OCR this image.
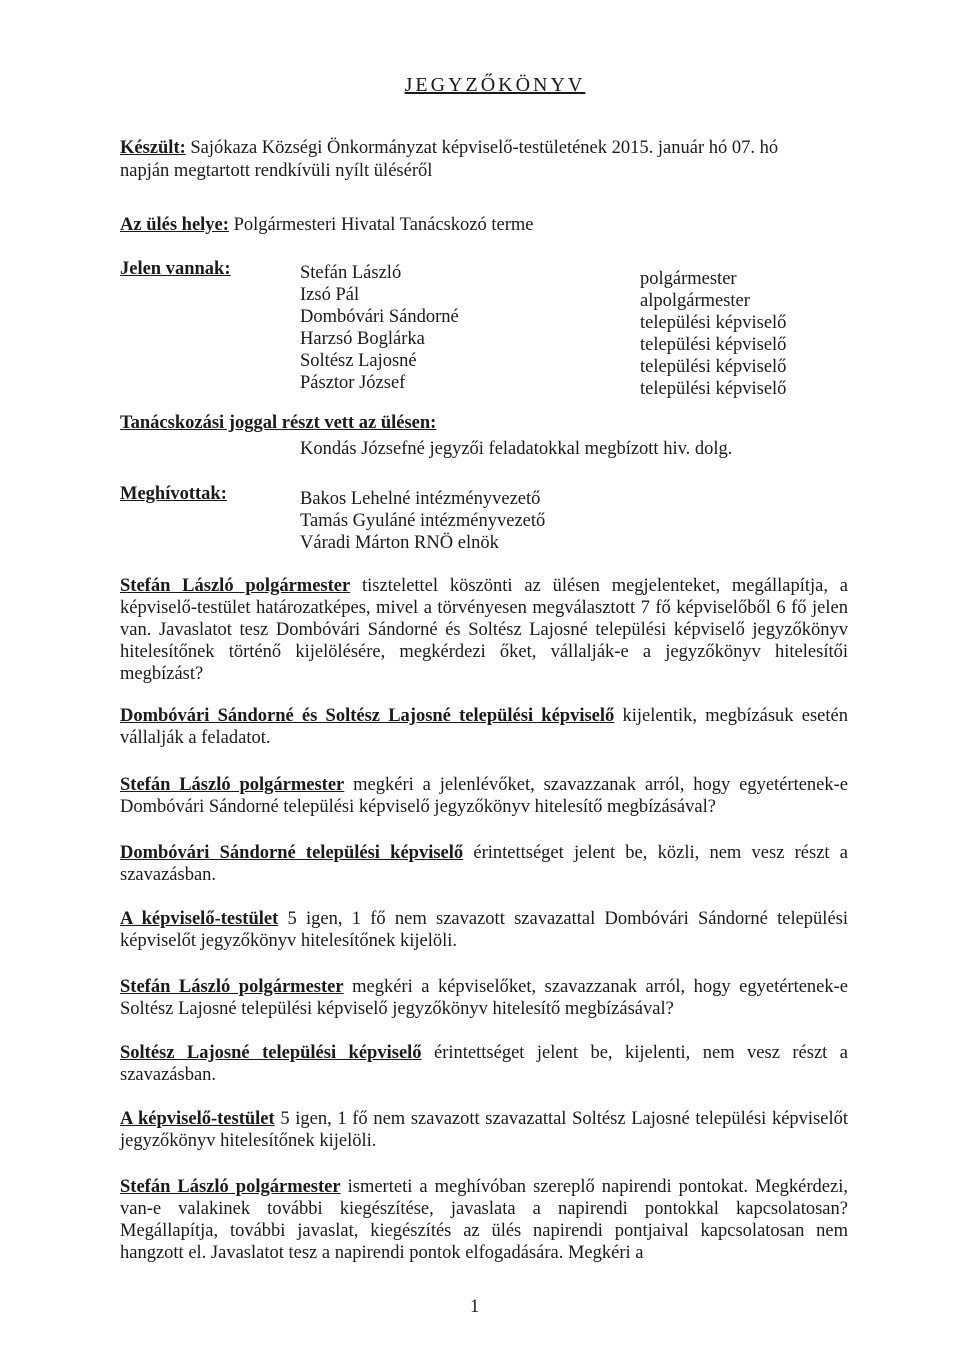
JEGYZŐKÖNYV
Készült: Sajókaza Községi Önkormányzat képviselő-testületének 2015. január hó 07. hó
napján megtartott rendkívüli nyílt üléséről
Az ülés helye: Polgármesteri Hivatal Tanácskozó terme
Jelen vannak:	Stefán László
Izsó Pál
Dombóvári Sándorné
Harzsó Boglárka
Soltész Lajosné
Pásztor József
polgármester
alpolgármester
települési képviselő
települési képviselő
települési képviselő
települési képviselő
Tanácskozási joggal részt vett az ülésen:
Kondás Józsefné jegyzői feladatokkal megbízott hiv. dolg.
Meghívottak:	Bakos Lehelné intézményvezető
Tamás Gyuláné intézményvezető
Váradi Márton RNÖ elnök
Stefán László polgármester tisztelettel köszönti az ülésen megjelenteket, megállapítja, a képviselő-testület határozatképes, mivel a törvényesen megválasztott 7 fő képviselőből 6 fő jelen van. Javaslatot tesz Dombóvári Sándorné és Soltész Lajosné települési képviselő jegyzőkönyv hitelesítőnek történő kijelölésére, megkérdezi őket, vállalják-e a jegyzőkönyv hitelesítői megbízást?
Dombóvári Sándorné és Soltész Lajosné települési képviselő kijelentik, megbízásuk esetén vállalják a feladatot.
Stefán László polgármester megkéri a jelenlévőket, szavazzanak arról, hogy egyetértenek-e Dombóvári Sándorné települési képviselő jegyzőkönyv hitelesítő megbízásával?
Dombóvári Sándorné települési képviselő érintettséget jelent be, közli, nem vesz részt a szavazásban.
A képviselő-testület 5 igen, 1 fő nem szavazott szavazattal Dombóvári Sándorné települési képviselőt jegyzőkönyv hitelesítőnek kijelöli.
Stefán László polgármester megkéri a képviselőket, szavazzanak arról, hogy egyetértenek-e Soltész Lajosné települési képviselő jegyzőkönyv hitelesítő megbízásával?
Soltész Lajosné települési képviselő érintettséget jelent be, kijelenti, nem vesz részt a szavazásban.
A képviselő-testület 5 igen, 1 fő nem szavazott szavazattal Soltész Lajosné települési képviselőt jegyzőkönyv hitelesítőnek kijelöli.
Stefán László polgármester ismerteti a meghívóban szereplő napirendi pontokat. Megkérdezi, van-e valakinek további kiegészítése, javaslata a napirendi pontokkal kapcsolatosan? Megállapítja, további javaslat, kiegészítés az ülés napirendi pontjaival kapcsolatosan nem hangzott el. Javaslatot tesz a napirendi pontok elfogadására. Megkéri a
1
